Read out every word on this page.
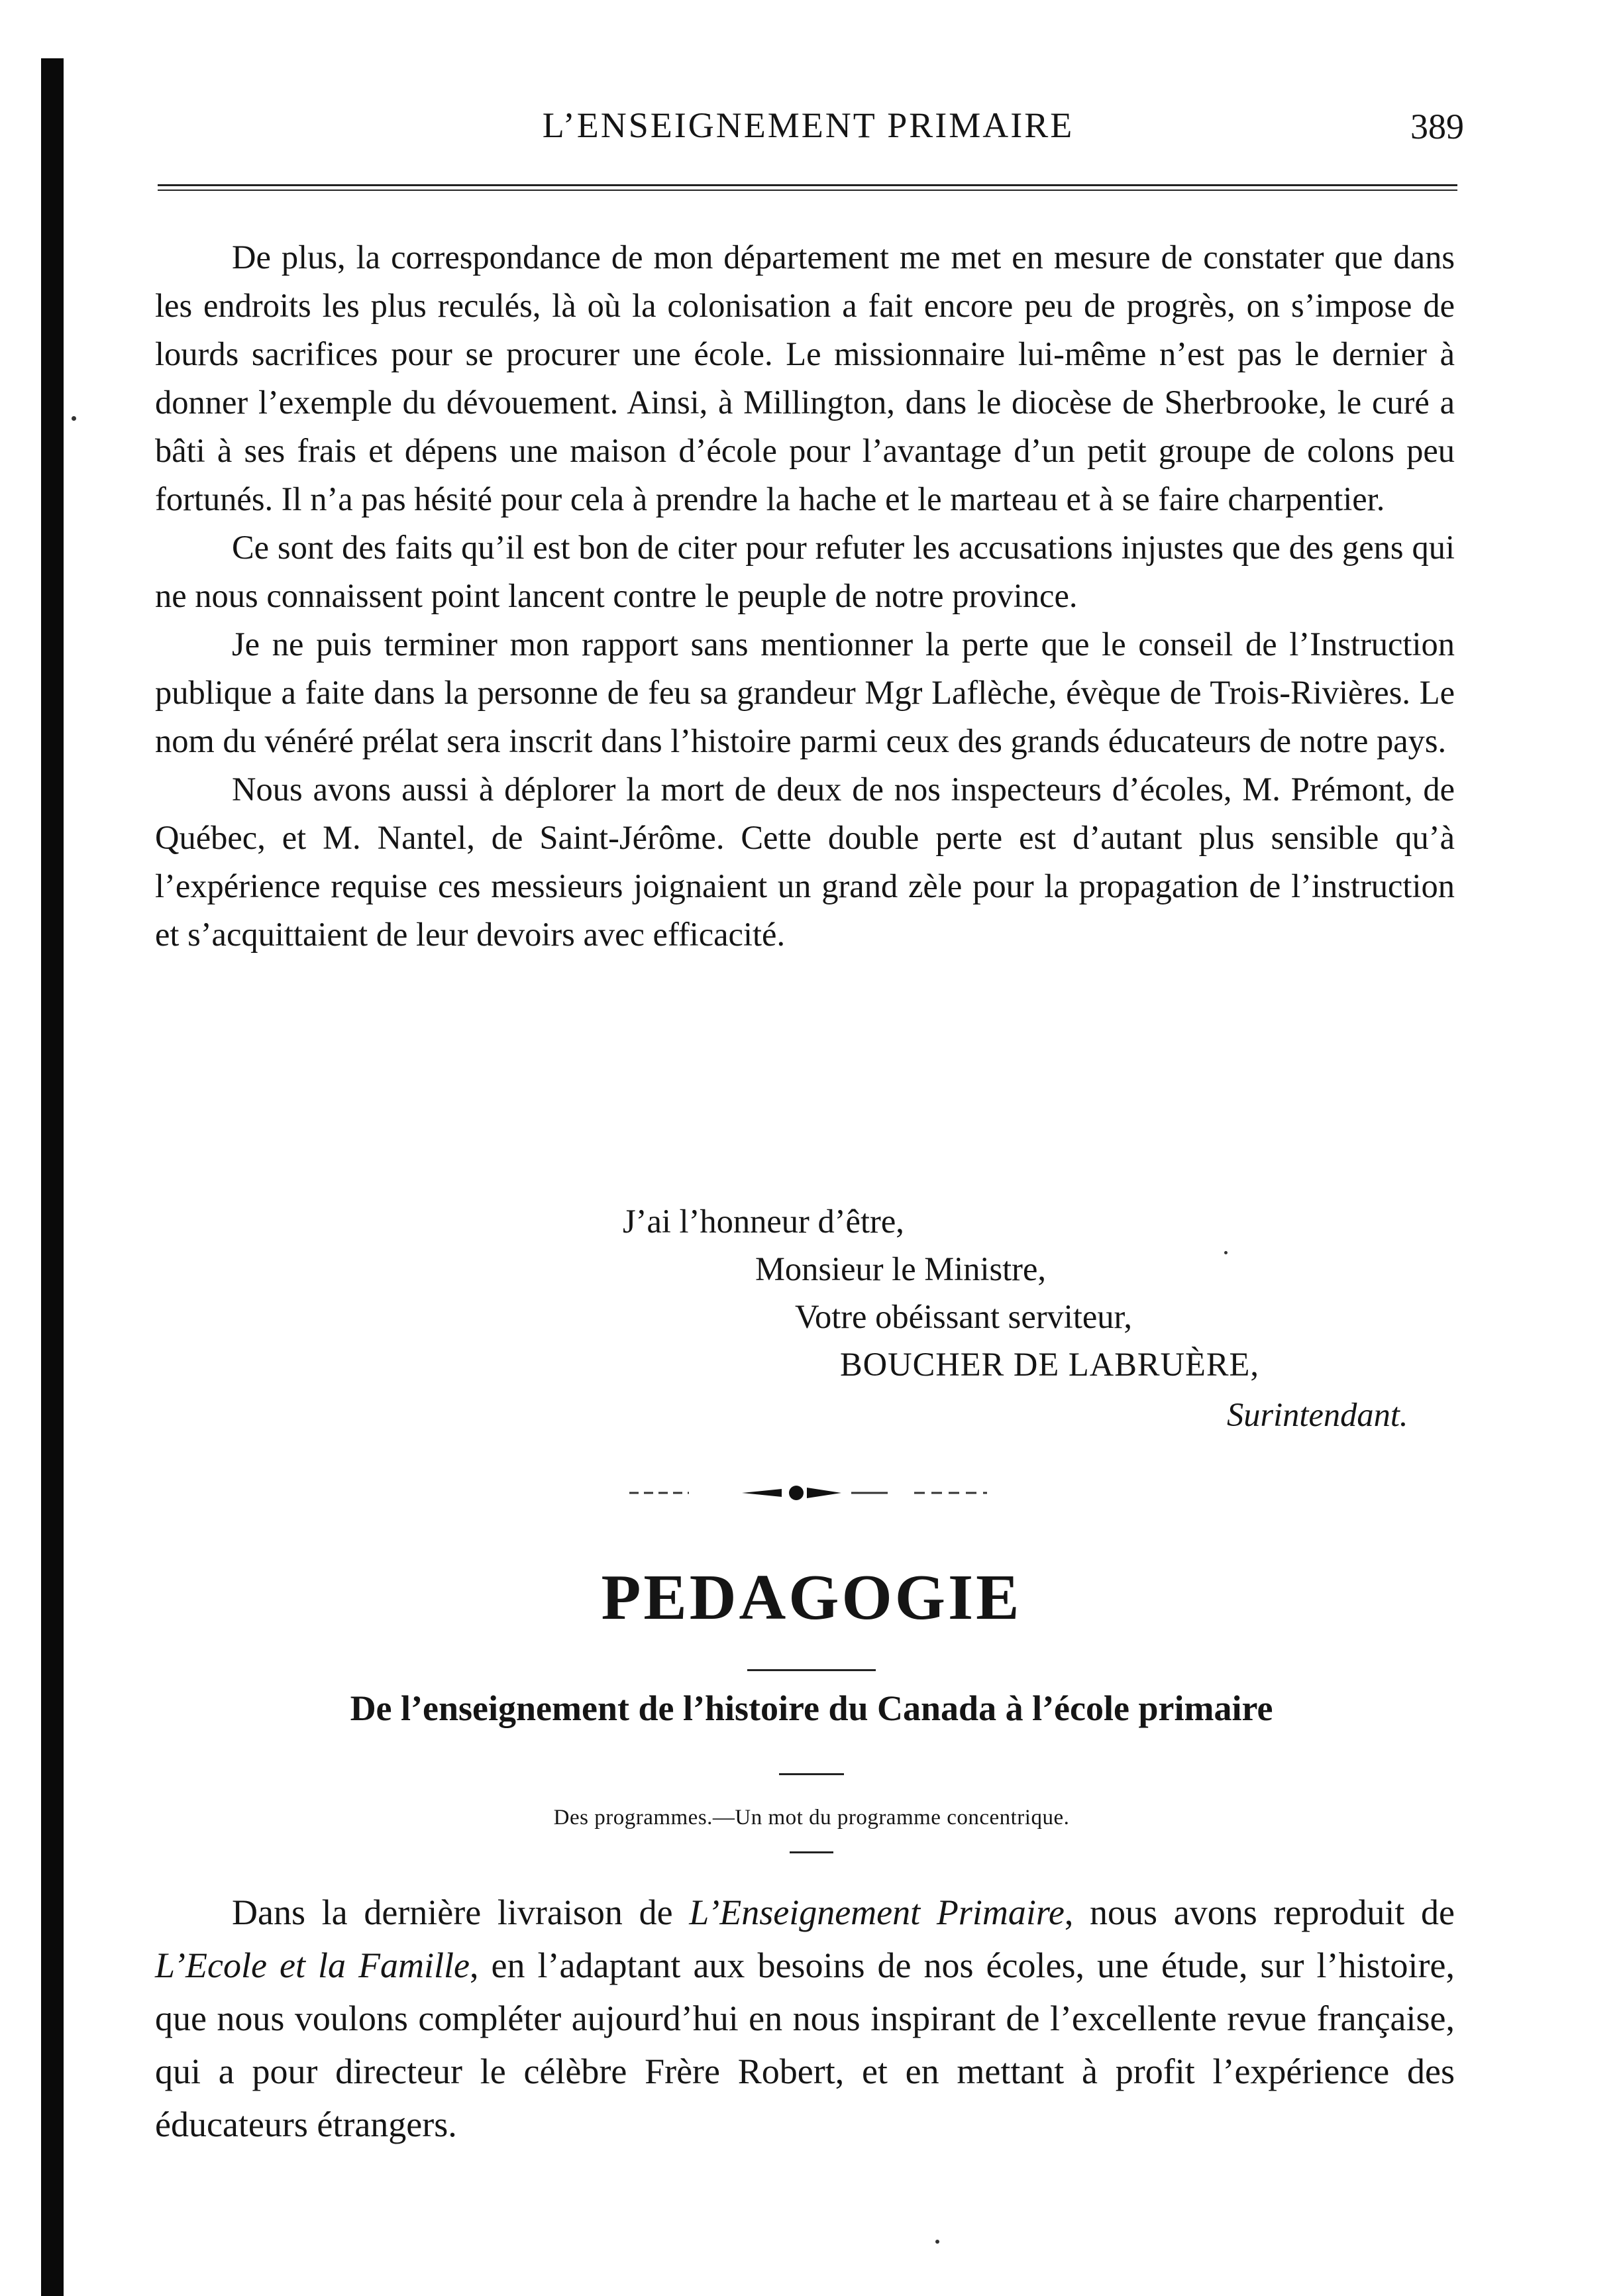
L’ENSEIGNEMENT PRIMAIRE	389

De plus, la correspondance de mon département me met en mesure de constater que dans les endroits les plus reculés, là où la colonisation a fait encore peu de progrès, on s’impose de lourds sacrifices pour se procurer une école. Le missionnaire lui-même n’est pas le dernier à donner l’exemple du dévouement. Ainsi, à Millington, dans le diocèse de Sherbrooke, le curé a bâti à ses frais et dépens une maison d’école pour l’avantage d’un petit groupe de colons peu fortunés. Il n’a pas hésité pour cela à prendre la hache et le marteau et à se faire charpentier.

Ce sont des faits qu’il est bon de citer pour refuter les accusations injustes que des gens qui ne nous connaissent point lancent contre le peuple de notre province.

Je ne puis terminer mon rapport sans mentionner la perte que le conseil de l’Instruction publique a faite dans la personne de feu sa grandeur Mgr Laflèche, évèque de Trois-Rivières. Le nom du vénéré prélat sera inscrit dans l’histoire parmi ceux des grands éducateurs de notre pays.

Nous avons aussi à déplorer la mort de deux de nos inspecteurs d’écoles, M. Prémont, de Québec, et M. Nantel, de Saint-Jérôme. Cette double perte est d’autant plus sensible qu’à l’expérience requise ces messieurs joignaient un grand zèle pour la propagation de l’instruction et s’acquittaient de leur devoirs avec efficacité.

J’ai l’honneur d’être,
Monsieur le Ministre,
Votre obéissant serviteur,
BOUCHER DE LABRUÈRE,
Surintendant.
PEDAGOGIE
De l’enseignement de l’histoire du Canada à l’école primaire
Des programmes.—Un mot du programme concentrique.

Dans la dernière livraison de L’Enseignement Primaire, nous avons reproduit de L’Ecole et la Famille, en l’adaptant aux besoins de nos écoles, une étude, sur l’histoire, que nous voulons compléter aujourd’hui en nous inspirant de l’excellente revue française, qui a pour directeur le célèbre Frère Robert, et en mettant à profit l’expérience des éducateurs étrangers.
